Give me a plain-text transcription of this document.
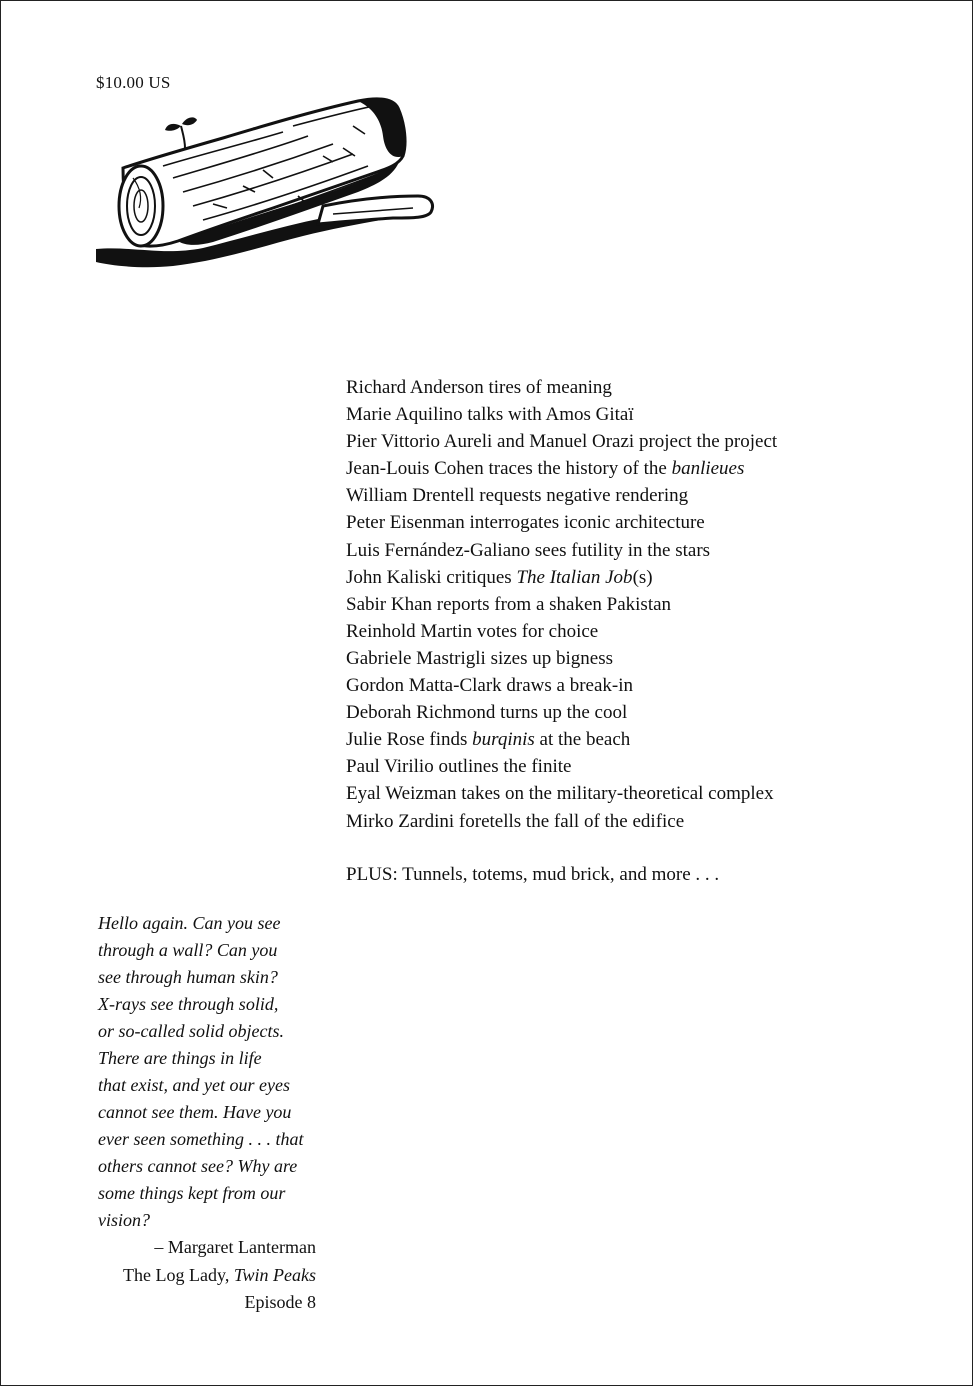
$10.00 US
Richard Anderson tires of meaning
Marie Aquilino talks with Amos Gitaï
Pier Vittorio Aureli and Manuel Orazi project the project
Jean-Louis Cohen traces the history of the banlieues
William Drentell requests negative rendering
Peter Eisenman interrogates iconic architecture
Luis Fernández-Galiano sees futility in the stars
John Kaliski critiques The Italian Job(s)
Sabir Khan reports from a shaken Pakistan
Reinhold Martin votes for choice
Gabriele Mastrigli sizes up bigness
Gordon Matta-Clark draws a break-in
Deborah Richmond turns up the cool
Julie Rose finds burqinis at the beach
Paul Virilio outlines the finite
Eyal Weizman takes on the military-theoretical complex
Mirko Zardini foretells the fall of the edifice
PLUS: Tunnels, totems, mud brick, and more . . .
Hello again. Can you see
through a wall? Can you
see through human skin?
X-rays see through solid,
or so-called solid objects.
There are things in life
that exist, and yet our eyes
cannot see them. Have you
ever seen something . . . that
others cannot see? Why are
some things kept from our
vision?
– Margaret Lanterman
The Log Lady, Twin Peaks
Episode 8
